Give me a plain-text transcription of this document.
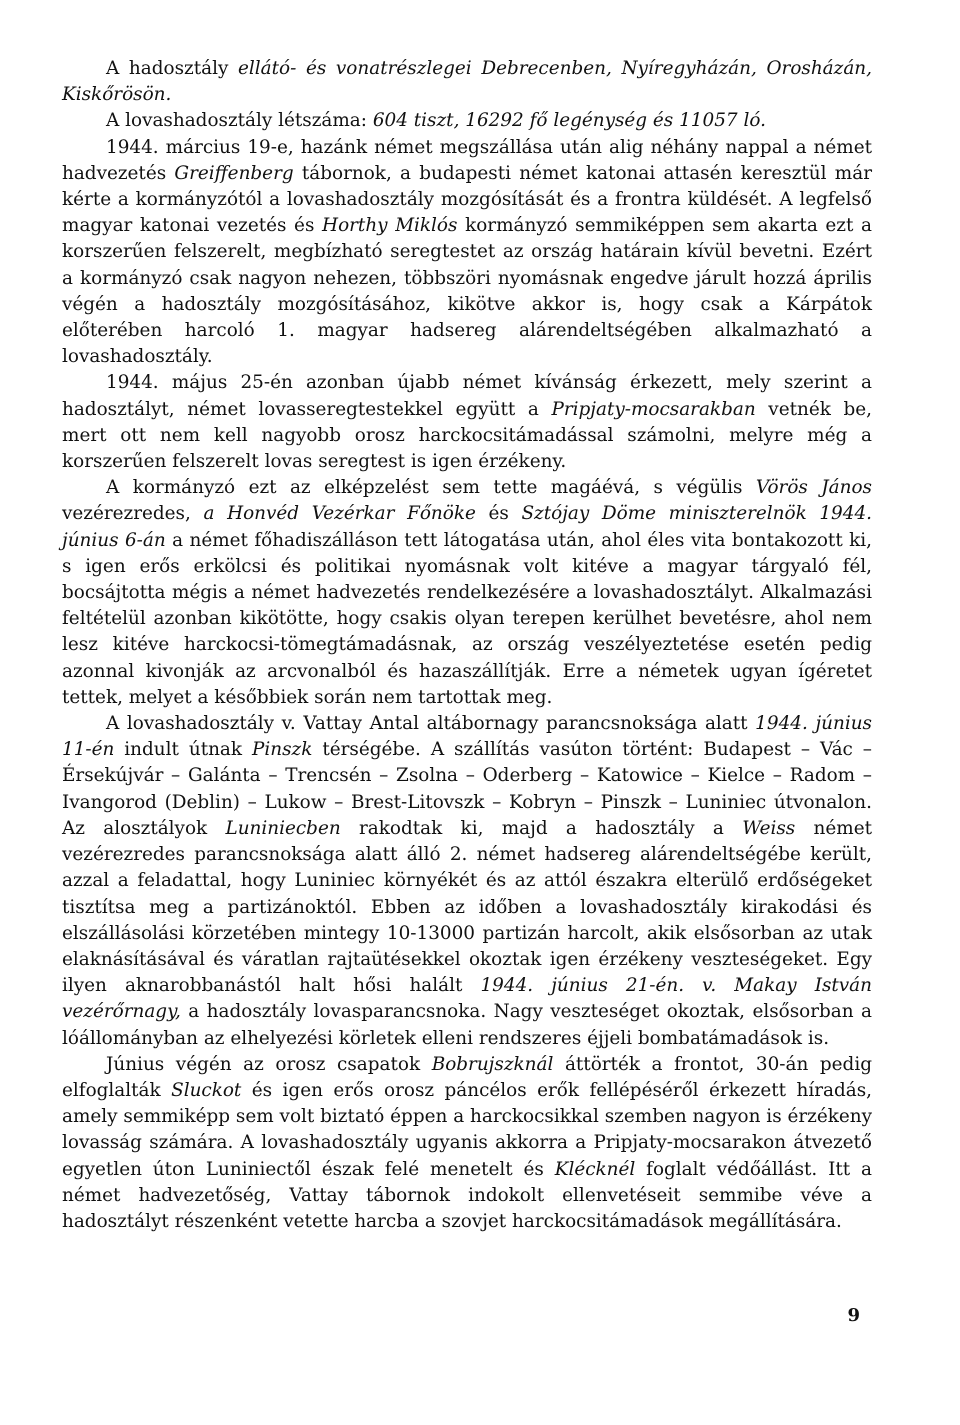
A hadosztály ellátó- és vonatrészlegei Debrecenben, Nyíregyházán, Orosházán, Kiskőrösön.

A lovashadosztály létszáma: 604 tiszt, 16292 fő legénység és 11057 ló.

1944. március 19-e, hazánk német megszállása után alig néhány nappal a német hadvezetés Greiffenberg tábornok, a budapesti német katonai attasén keresztül már kérte a kormányzótól a lovashadosztály mozgósítását és a frontra küldését. A legfelső magyar katonai vezetés és Horthy Miklós kormányzó semmiképpen sem akarta ezt a korszerűen felszerelt, megbízható seregtestet az ország határain kívül bevetni. Ezért a kormányzó csak nagyon nehezen, többszöri nyomásnak engedve járult hozzá április végén a hadosztály mozgósításához, kikötve akkor is, hogy csak a Kárpátok előterében harcoló 1. magyar hadsereg alárendeltségében alkalmazható a lovashadosztály.

1944. május 25-én azonban újabb német kívánság érkezett, mely szerint a hadosztályt, német lovasseregtestekkel együtt a Pripjaty-mocsarakban vetnék be, mert ott nem kell nagyobb orosz harckocsitámadással számolni, melyre még a korszerűen felszerelt lovas seregtest is igen érzékeny.

A kormányzó ezt az elképzelést sem tette magáévá, s végülis Vörös János vezérezredes, a Honvéd Vezérkar Főnöke és Sztójay Döme miniszterelnök 1944. június 6-án a német főhadiszálláson tett látogatása után, ahol éles vita bontakozott ki, s igen erős erkölcsi és politikai nyomásnak volt kitéve a magyar tárgyaló fél, bocsájtotta mégis a német hadvezetés rendelkezésére a lovashadosztályt. Alkalmazási feltételül azonban kikötötte, hogy csakis olyan terepen kerülhet bevetésre, ahol nem lesz kitéve harckocsi-tömegtámadásnak, az ország veszélyeztetése esetén pedig azonnal kivonják az arcvonalból és hazaszállítják. Erre a németek ugyan ígéretet tettek, melyet a későbbiek során nem tartottak meg.

A lovashadosztály v. Vattay Antal altábornagy parancsnoksága alatt 1944. június 11-én indult útnak Pinszk térségébe. A szállítás vasúton történt: Budapest – Vác – Érsekújvár – Galánta – Trencsén – Zsolna – Oderberg – Katowice – Kielce – Radom – Ivangorod (Deblin) – Lukow – Brest-Litovszk – Kobryn – Pinszk – Luniniec útvonalon. Az alosztályok Luniniecben rakodtak ki, majd a hadosztály a Weiss német vezérezredes parancsnoksága alatt álló 2. német hadsereg alárendeltségébe került, azzal a feladattal, hogy Luniniec környékét és az attól északra elterülő erdőségeket tisztítsa meg a partizánoktól. Ebben az időben a lovashadosztály kirakodási és elszállásolási körzetében mintegy 10-13000 partizán harcolt, akik elsősorban az utak elaknásításával és váratlan rajtaütésekkel okoztak igen érzékeny veszteségeket. Egy ilyen aknarobbanástól halt hősi halált 1944. június 21-én. v. Makay István vezérőrnagy, a hadosztály lovasparancsnoka. Nagy veszteséget okoztak, elsősorban a lóállományban az elhelyezési körletek elleni rendszeres éjjeli bombatámadások is.

Június végén az orosz csapatok Bobrujszknál áttörték a frontot, 30-án pedig elfoglalták Sluckot és igen erős orosz páncélos erők fellépéséről érkezett híradás, amely semmiképp sem volt biztató éppen a harckocsikkal szemben nagyon is érzékeny lovasság számára. A lovashadosztály ugyanis akkorra a Pripjaty-mocsarakon átvezető egyetlen úton Luniniectől észak felé menetelt és Klécknél foglalt védőállást. Itt a német hadvezetőség, Vattay tábornok indokolt ellenvetéseit semmibe véve a hadosztályt részenként vetette harcba a szovjet harckocsitámadások megállítására.

9
